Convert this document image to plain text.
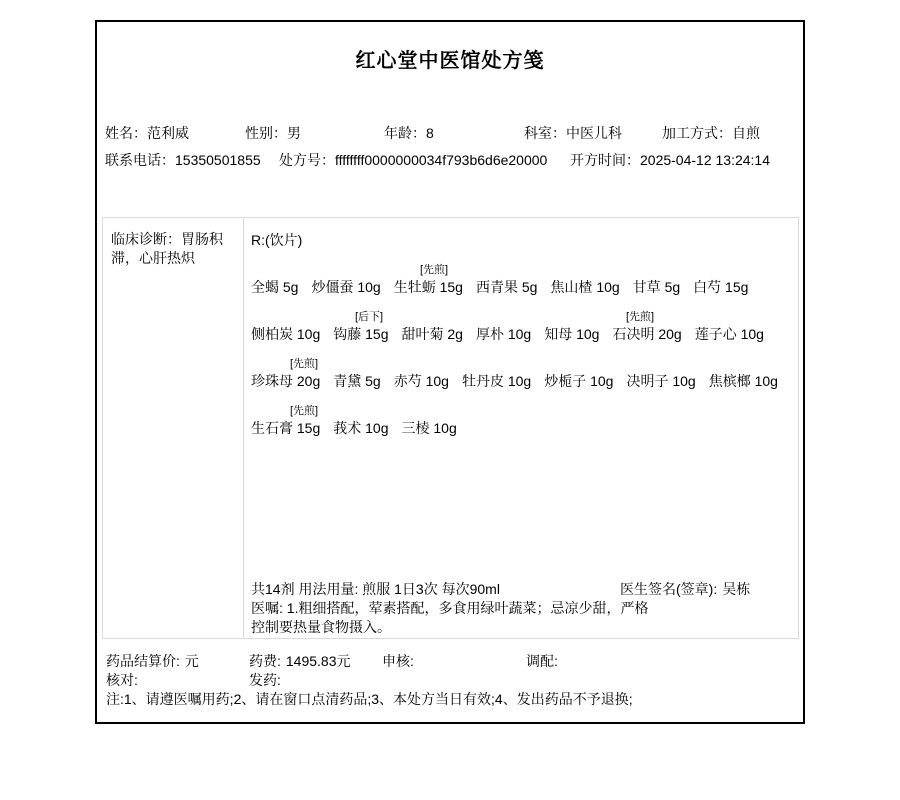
红心堂中医馆处方笺
姓名：范利威	性别：男	年龄：8	科室：中医儿科	加工方式：自煎
联系电话：15350501855 处方号：ffffffff0000000034f793b6d6e20000 开方时间：2025-04-12 13:24:14

临床诊断：胃肠积滞，心肝热炽

R:(饮片)
[先煎]
全蝎 5g 炒僵蚕 10g 生牡蛎 15g 西青果 5g 焦山楂 10g 甘草 5g 白芍 15g
[后下]	[先煎]
侧柏炭 10g 钩藤 15g 甜叶菊 2g 厚朴 10g 知母 10g 石决明 20g 莲子心 10g
[先煎]
珍珠母 20g 青黛 5g 赤芍 10g 牡丹皮 10g 炒栀子 10g 决明子 10g 焦槟榔 10g
[先煎]
生石膏 15g 莪术 10g 三棱 10g
共14剂 用法用量: 煎服 1日3次 每次90ml	医生签名(签章): 吴栋
医嘱: 1.粗细搭配，荤素搭配，多食用绿叶蔬菜；忌凉少甜，严格
控制要热量食物摄入。
药品结算价: 元	药费: 1495.83元 申核:	调配:
核对:	发药:
注:1、请遵医嘱用药;2、请在窗口点清药品;3、本处方当日有效;4、发出药品不予退换;
